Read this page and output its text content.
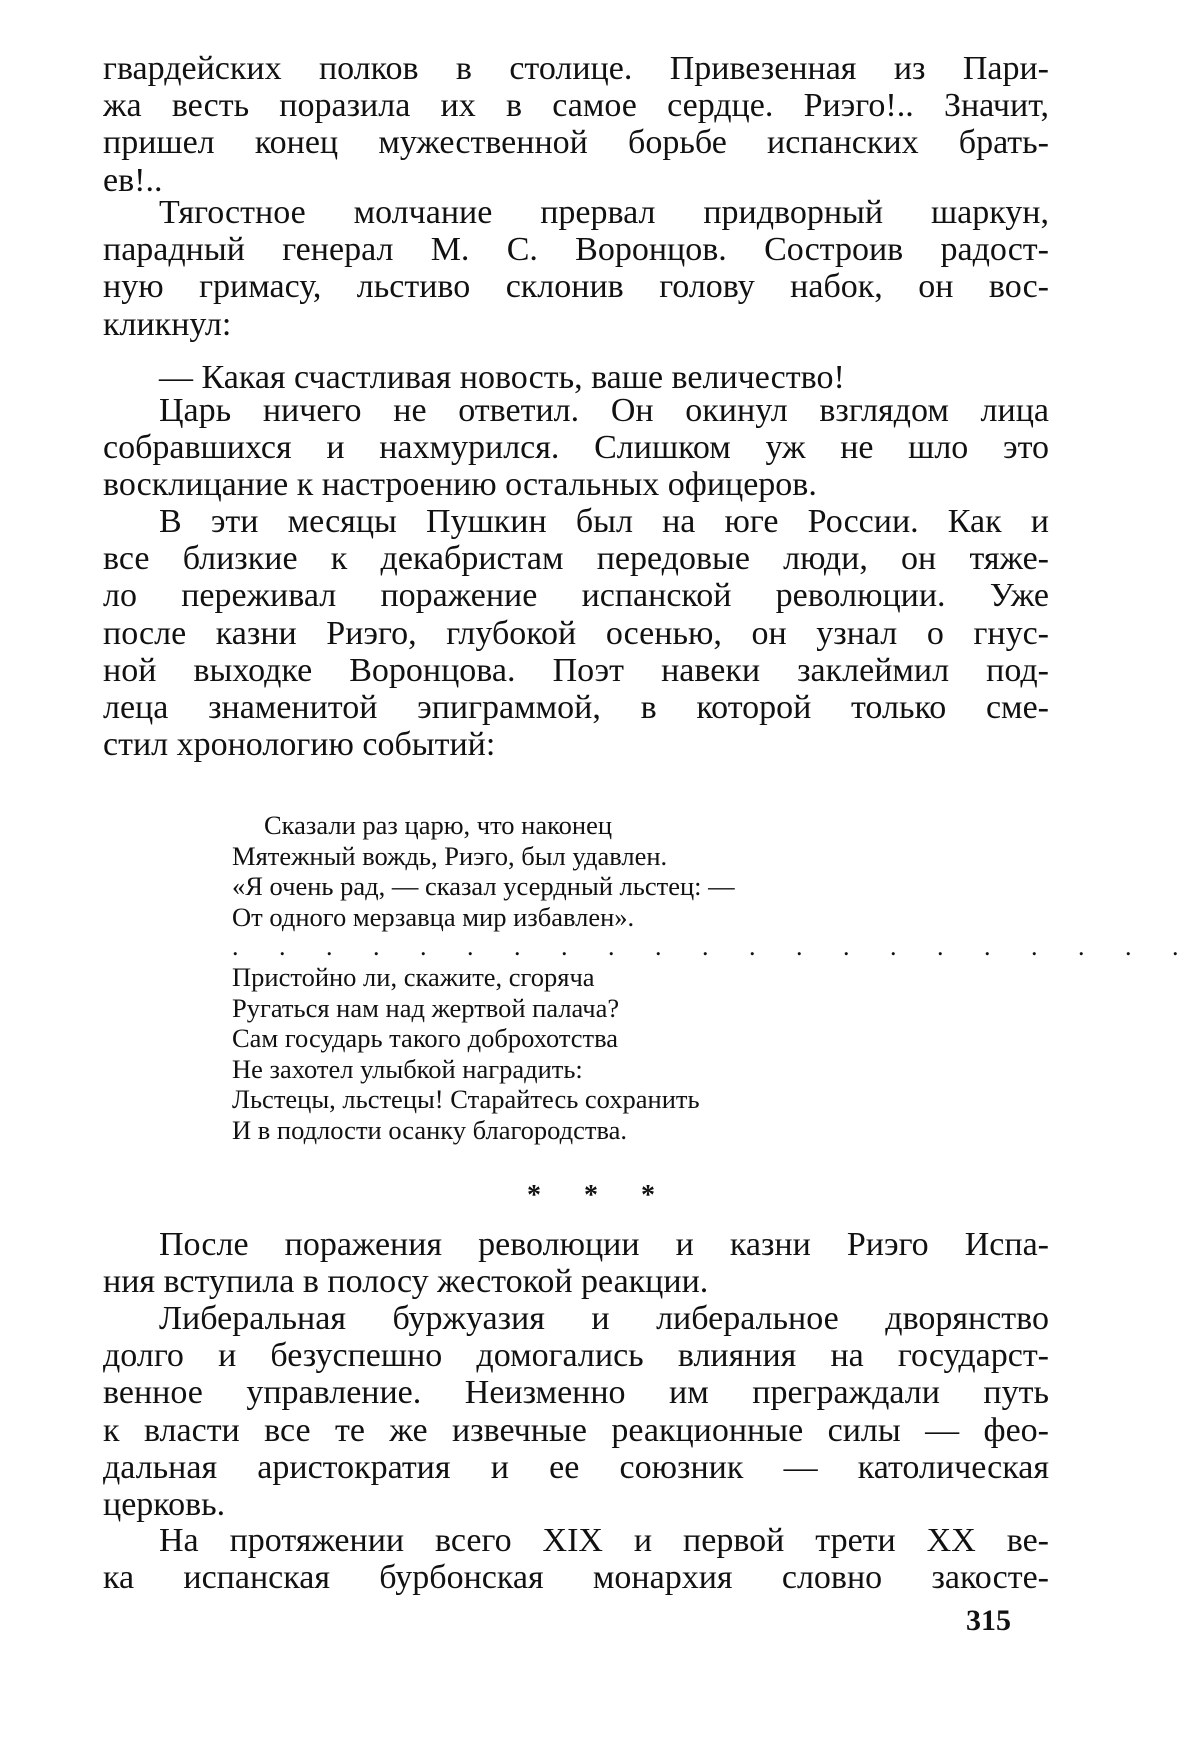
гвардейских полков в столице. Привезенная из Пари-
жа весть поразила их в самое сердце. Риэго!.. Значит,
пришел конец мужественной борьбе испанских брать-
ев!..
Тягостное молчание прервал придворный шаркун,
парадный генерал М. С. Воронцов. Состроив радост-
ную гримасу, льстиво склонив голову набок, он вос-
кликнул:
— Какая счастливая новость, ваше величество!
Царь ничего не ответил. Он окинул взглядом лица
собравшихся и нахмурился. Слишком уж не шло это
восклицание к настроению остальных офицеров.
В эти месяцы Пушкин был на юге России. Как и
все близкие к декабристам передовые люди, он тяже-
ло переживал поражение испанской революции. Уже
после казни Риэго, глубокой осенью, он узнал о гнус-
ной выходке Воронцова. Поэт навеки заклеймил под-
леца знаменитой эпиграммой, в которой только сме-
стил хронологию событий:
Сказали раз царю, что наконец
Мятежный вождь, Риэго, был удавлен.
«Я очень рад, — сказал усердный льстец: —
От одного мерзавца мир избавлен».
. . . . . . . . . . . . . . . . . . . . . . .
Пристойно ли, скажите, сгоряча
Ругаться нам над жертвой палача?
Сам государь такого доброхотства
Не захотел улыбкой наградить:
Льстецы, льстецы! Старайтесь сохранить
И в подлости осанку благородства.
* * *
После поражения революции и казни Риэго Испа-
ния вступила в полосу жестокой реакции.
Либеральная буржуазия и либеральное дворянство
долго и безуспешно домогались влияния на государст-
венное управление. Неизменно им преграждали путь
к власти все те же извечные реакционные силы — фео-
дальная аристократия и ее союзник — католическая
церковь.
На протяжении всего XIX и первой трети XX ве-
ка испанская бурбонская монархия словно закосте-
315
